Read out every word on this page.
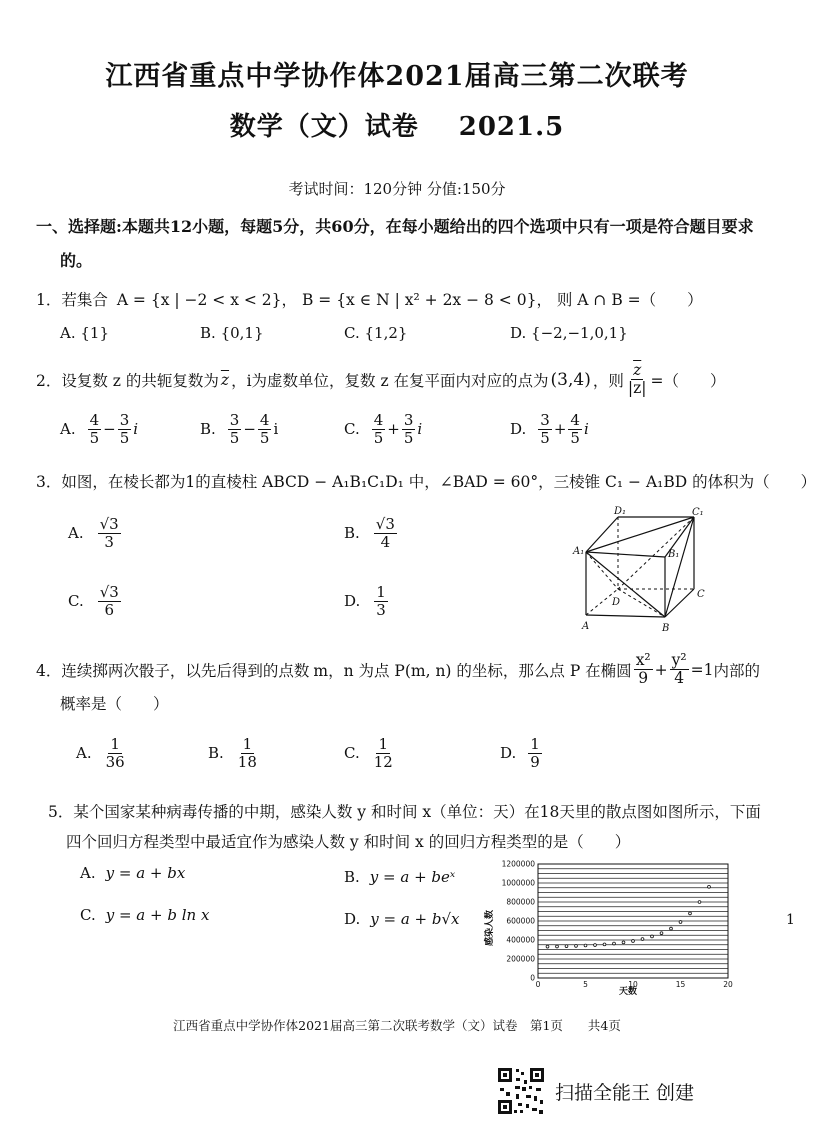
江西省重点中学协作体2021届高三第二次联考
数学（文）试卷 2021.5
考试时间：120分钟 分值:150分
一、选择题:本题共12小题，每题5分，共60分，在每小题给出的四个选项中只有一项是符合题目要求
的。
1．若集合 A = {x | −2 < x < 2}， B = {x ∈ N | x² + 2x − 8 < 0}， 则 A ∩ B =（　　）
A. {1}	B. {0,1}	C. {1,2}	D. {−2,−1,0,1}
2．设复数 z 的共轭复数为 $\overline{z}$ ，i为虚数单位，复数 z 在复平面内对应的点为 (3,4) ，则 $\frac{\overline{z}}{|z|}$ =（　　）
A. $\frac{4}{5} - \frac{3}{5}$ i	B. $\frac{3}{5} - \frac{4}{5}$ i	C. $\frac{4}{5} + \frac{3}{5}$ i	D. $\frac{3}{5} + \frac{4}{5}$ i
3．如图，在棱长都为1的直棱柱 ABCD − A₁B₁C₁D₁ 中，∠BAD = 60°，三棱锥 C₁ − A₁BD 的体积为（　　）
A. $\frac{√3}{3}$	B. $\frac{√3}{4}$
C. $\frac{√3}{6}$	D. $\frac{1}{3}$
D₁	C₁
A₁	B₁
D
C
A	B
4．连续掷两次骰子，以先后得到的点数 m，n 为点 P(m, n) 的坐标，那么点 P 在椭圆 $\frac{\text{x²}}{9} + \frac{\text{y²}}{4} =1$ 内部的
概率是（　　）
A. $\frac{1}{36}$	B. $\frac{1}{18}$	C. $\frac{1}{12}$	D. $\frac{1}{9}$
5．某个国家某种病毒传播的中期，感染人数 y 和时间 x（单位：天）在18天里的散点图如图所示，下面
四个回归方程类型中最适宜作为感染人数 y 和时间 x 的回归方程类型的是（　　）
A. y = a + bx	B. y = a + beˣ
C. y = a + b ln x	D. y = a + b√x
0
200000
400000
600000
800000
1000000
1200000
0	5	10	15	20
天数
感染人数	1
江西省重点中学协作体2021届高三第二次联考数学（文）试卷　第1页　　共4页
扫描全能王 创建
